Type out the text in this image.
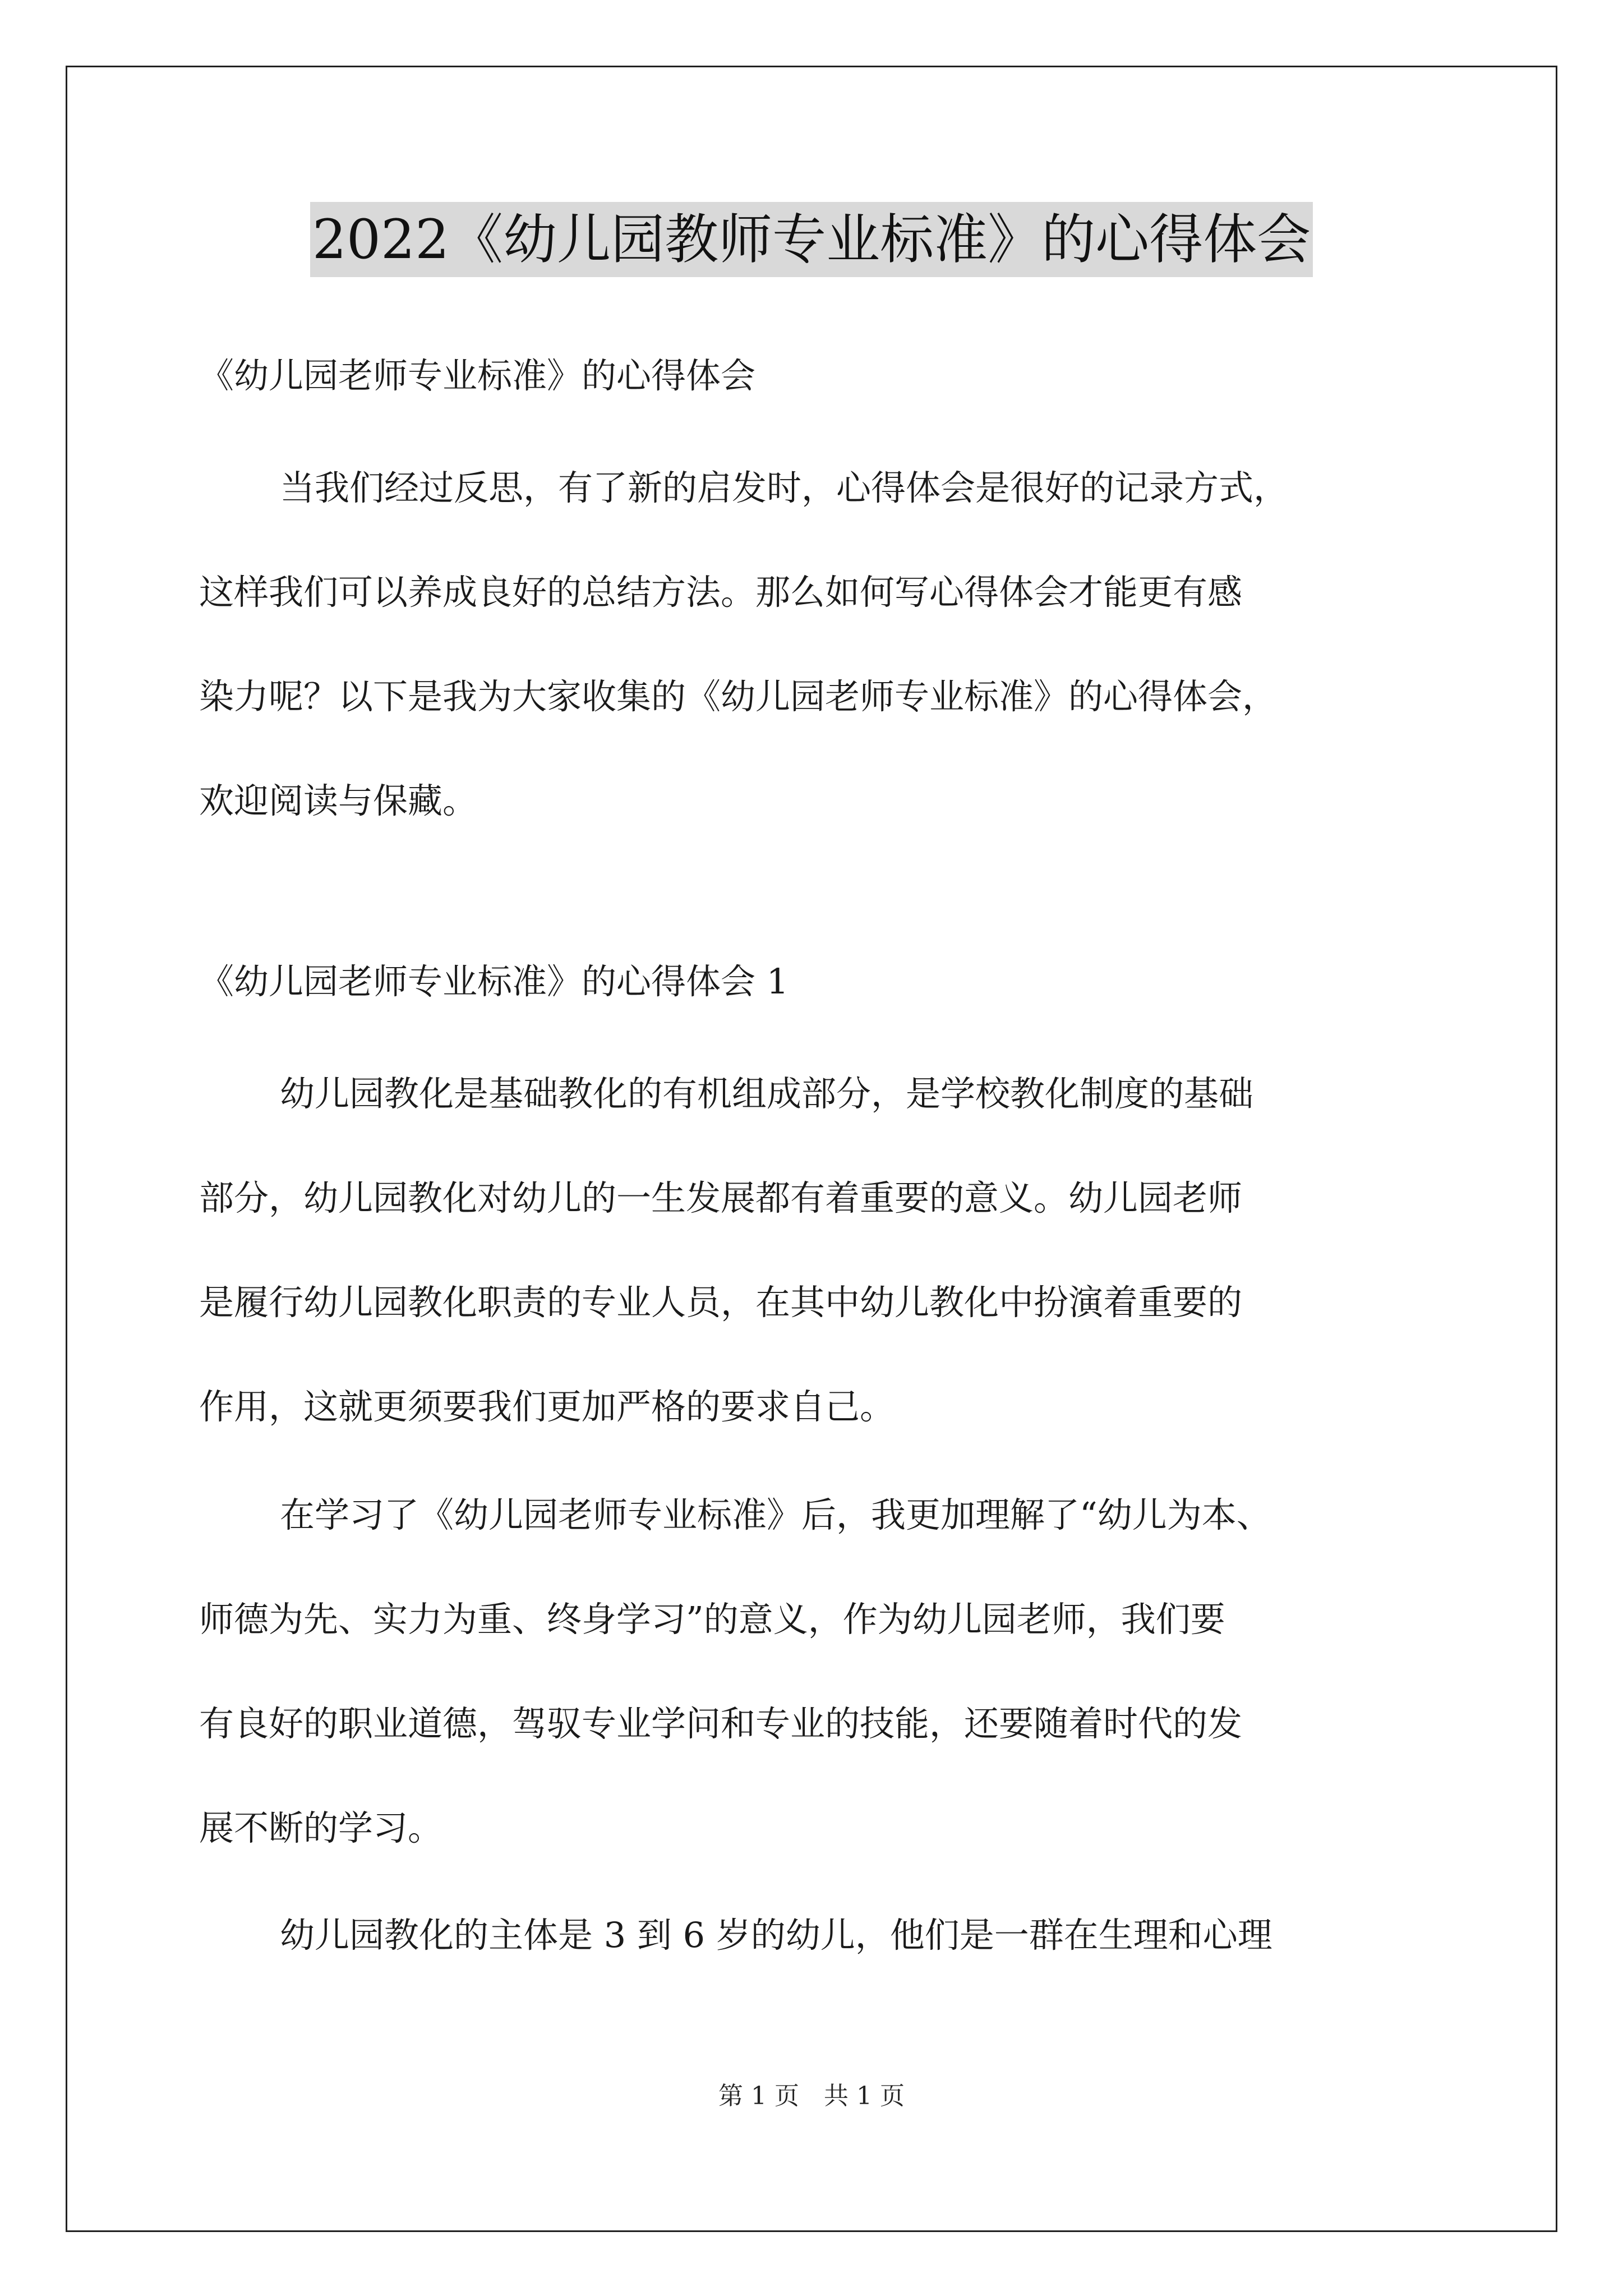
2022《幼儿园教师专业标准》的心得体会
《幼儿园老师专业标准》的心得体会
当我们经过反思，有了新的启发时，心得体会是很好的记录方式，
这样我们可以养成良好的总结方法。那么如何写心得体会才能更有感
染力呢？以下是我为大家收集的《幼儿园老师专业标准》的心得体会，
欢迎阅读与保藏。
《幼儿园老师专业标准》的心得体会 1
幼儿园教化是基础教化的有机组成部分，是学校教化制度的基础
部分，幼儿园教化对幼儿的一生发展都有着重要的意义。幼儿园老师
是履行幼儿园教化职责的专业人员，在其中幼儿教化中扮演着重要的
作用，这就更须要我们更加严格的要求自己。
在学习了《幼儿园老师专业标准》后，我更加理解了“幼儿为本、
师德为先、实力为重、终身学习”的意义，作为幼儿园老师，我们要
有良好的职业道德，驾驭专业学问和专业的技能，还要随着时代的发
展不断的学习。
幼儿园教化的主体是 3 到 6 岁的幼儿，他们是一群在生理和心理
第 1 页　共 1 页
